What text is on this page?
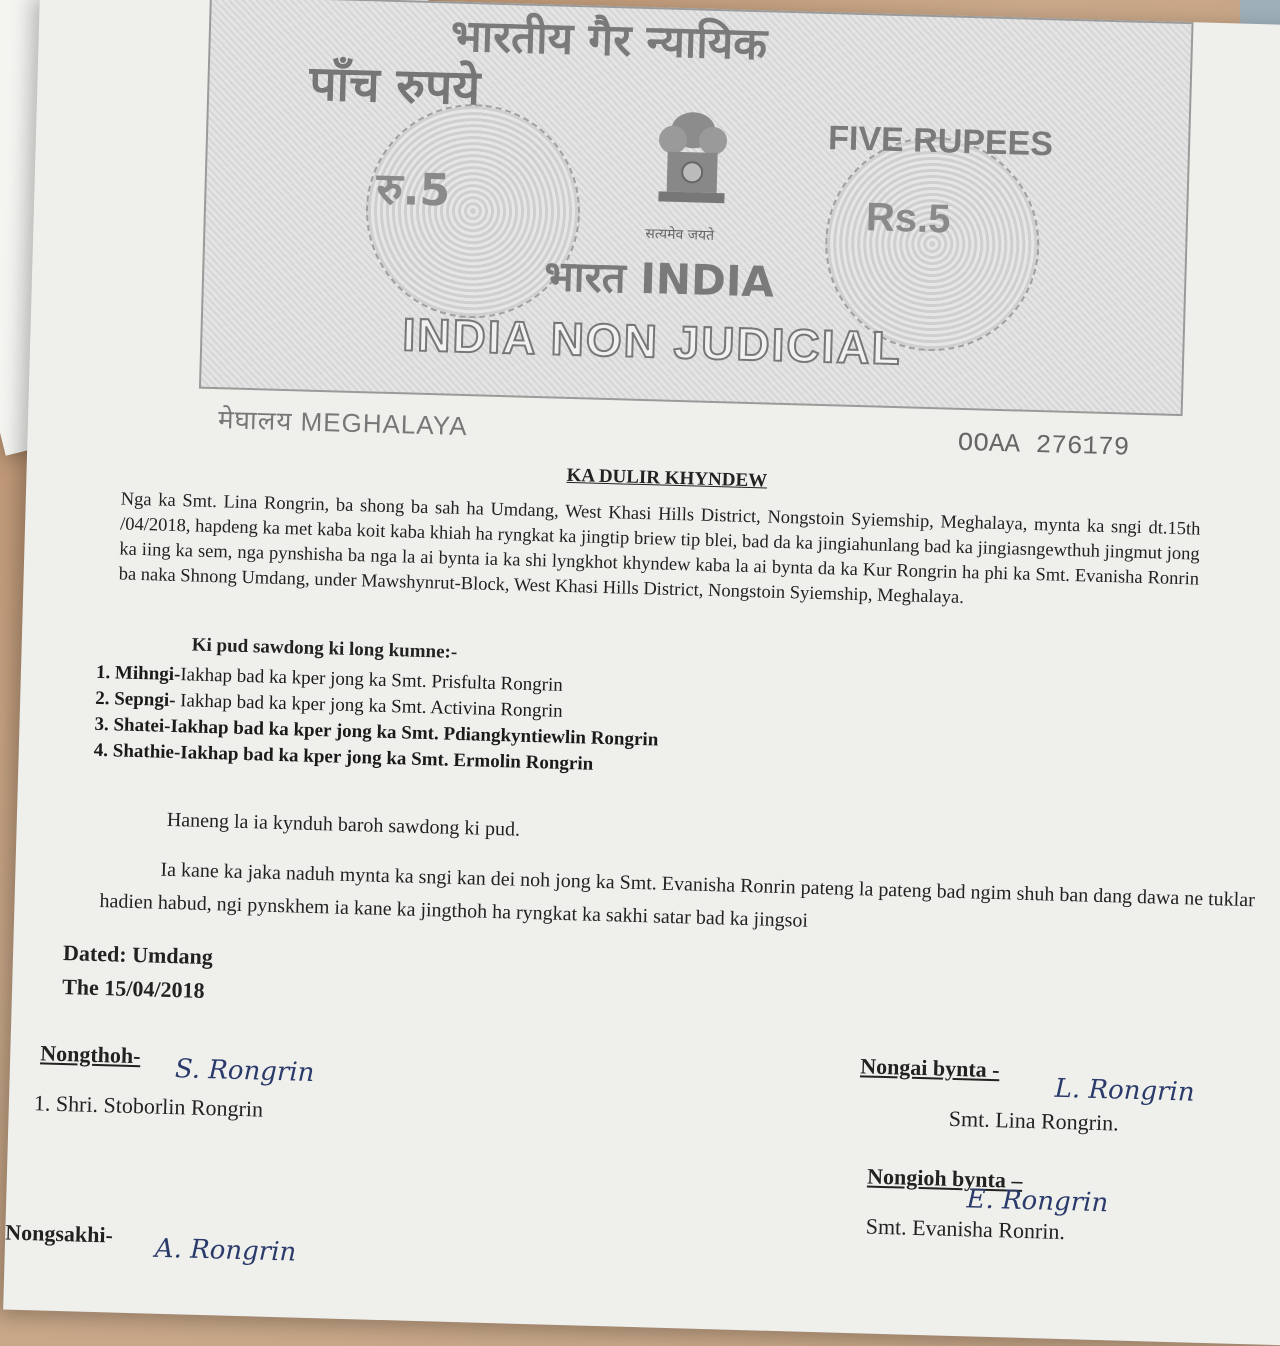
भारतीय गैर न्यायिक
पाँच रुपये
FIVE RUPEES
रु.5
Rs.5
सत्यमेव जयते
भारत INDIA
INDIA NON JUDICIAL
मेघालय MEGHALAYA
OOAA 276179
KA DULIR KHYNDEW

Nga ka Smt. Lina Rongrin, ba shong ba sah ha Umdang, West Khasi Hills District, Nongstoin Syiemship, Meghalaya, mynta ka sngi dt.15th /04/2018, hapdeng ka met kaba koit kaba khiah ha ryngkat ka jingtip briew tip blei, bad da ka jingiahunlang bad ka jingiasngewthuh jingmut jong ka iing ka sem, nga pynshisha ba nga la ai bynta ia ka shi lyngkhot khyndew kaba la ai bynta da ka Kur Rongrin ha phi ka Smt. Evanisha Ronrin ba naka Shnong Umdang, under Mawshynrut-Block, West Khasi Hills District, Nongstoin Syiemship, Meghalaya.

Ki pud sawdong ki long kumne:-
1. Mihngi-Iakhap bad ka kper jong ka Smt. Prisfulta Rongrin
2. Sepngi- Iakhap bad ka kper jong ka Smt. Activina Rongrin
3. Shatei-Iakhap bad ka kper jong ka Smt. Pdiangkyntiewlin Rongrin
4. Shathie-Iakhap bad ka kper jong ka Smt. Ermolin Rongrin
Haneng la ia kynduh baroh sawdong ki pud.
Ia kane ka jaka naduh mynta ka sngi kan dei noh jong ka Smt. Evanisha Ronrin pateng la pateng bad ngim shuh ban dang dawa ne tuklar hadien habud, ngi pynskhem ia kane ka jingthoh ha ryngkat ka sakhi satar bad ka jingsoi
Dated: Umdang
The 15/04/2018
Nongthoh- S. Rongrin
1. Shri. Stoborlin Rongrin
Nongai bynta -
L. Rongrin
Smt. Lina Rongrin.
Nongioh bynta –
E. Rongrin
Smt. Evanisha Ronrin.
Nongsakhi-
A. Rongrin
